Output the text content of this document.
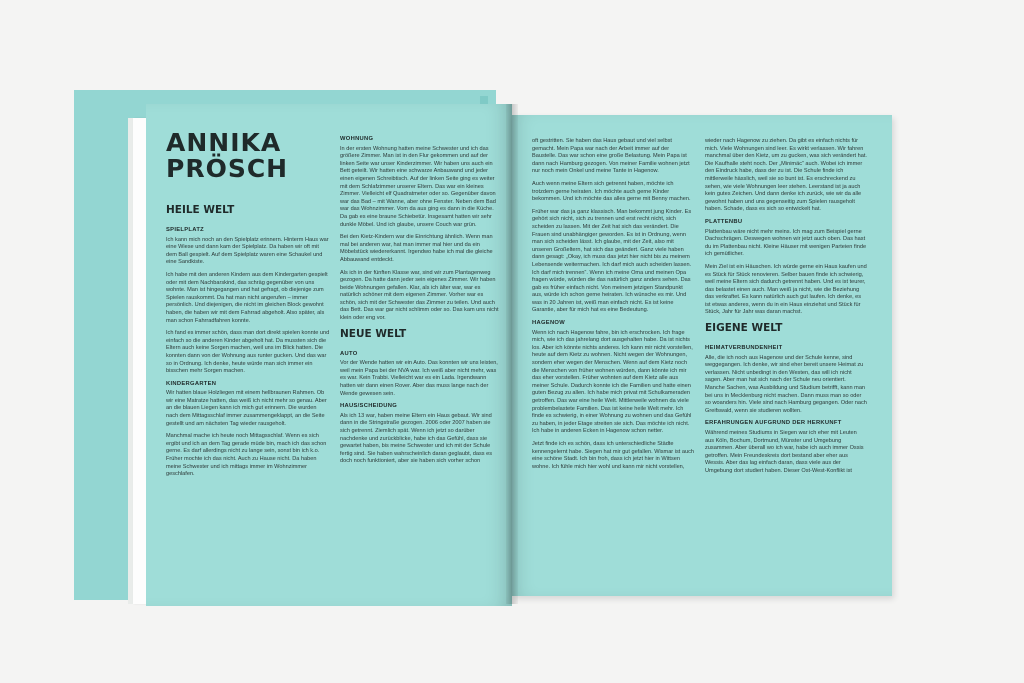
ANNIKA
PRÖSCH
HEILE WELT
SPIELPLATZ

Ich kann mich noch an den Spielplatz erinnern. Hinterm Haus war eine Wiese und dann kam der Spielplatz. Da haben wir oft mit dem Ball gespielt. Auf dem Spielplatz waren eine Schaukel und eine Sandkiste.

Ich habe mit den anderen Kindern aus dem Kindergarten gespielt oder mit dem Nachbarskind, das schräg gegenüber von uns wohnte. Man ist hingegangen und hat gefragt, ob diejenige zum Spielen rauskommt. Da hat man nicht angerufen – immer persönlich. Und diejenigen, die nicht im gleichen Block gewohnt haben, die haben wir mit dem Fahrrad abgeholt. Also später, als man schon Fahrradfahren konnte.

Ich fand es immer schön, dass man dort direkt spielen konnte und einfach so die anderen Kinder abgeholt hat. Da mussten sich die Eltern auch keine Sorgen machen, weil uns im Blick hatten. Die konnten dann von der Wohnung aus runter gucken. Und das war so in Ordnung. Ich denke, heute würde man sich immer ein bisschen mehr Sorgen machen.

KINDERGARTEN

Wir hatten blaue Holzliegen mit einem hellbraunen Rahmen. Ob wir eine Matratze hatten, das weiß ich nicht mehr so genau. Aber an die blauen Liegen kann ich mich gut erinnern. Die wurden nach dem Mittagsschlaf immer zusammengeklappt, an die Seite gestellt und am nächsten Tag wieder rausgeholt.

Manchmal mache ich heute noch Mittagsschlaf. Wenn es sich ergibt und ich an dem Tag gerade müde bin, mach ich das schon gerne. Es darf allerdings nicht zu lange sein, sonst bin ich k.o. Früher mochte ich das nicht. Auch zu Hause nicht. Da haben meine Schwester und ich mittags immer im Wohnzimmer geschlafen.

WOHNUNG

In der ersten Wohnung hatten meine Schwester und ich das größere Zimmer. Man ist in den Flur gekommen und auf der linken Seite war unser Kinderzimmer. Wir haben uns auch ein Bett geteilt. Wir hatten eine schwarze Anbauwand und jeder einen eigenen Schreibtisch. Auf der linken Seite ging es weiter mit dem Schlafzimmer unserer Eltern. Das war ein kleines Zimmer. Vielleicht elf Quadratmeter oder so. Gegenüber davon war das Bad – mit Wanne, aber ohne Fenster. Neben dem Bad war das Wohnzimmer. Vom da aus ging es dann in die Küche. Da gab es eine braune Schiebetür. Insgesamt hatten wir sehr dunkle Möbel. Und ich glaube, unsere Couch war grün.

Bei den Kietz-Kindern war die Einrichtung ähnlich. Wenn man mal bei anderen war, hat man immer mal hier und da ein Möbelstück wiedererkannt. Irgendwo habe ich mal die gleiche Abbauwand entdeckt.

Als ich in der fünften Klasse war, sind wir zum Plantagenweg gezogen. Da hatte dann jeder sein eigenes Zimmer. Wir haben beide Wohnungen gefallen. Klar, als ich älter war, war es natürlich schöner mit dem eigenen Zimmer. Vorher war es schön, sich mit der Schwester das Zimmer zu teilen. Und auch das Bett. Das war gar nicht schlimm oder so. Das kam uns nicht klein oder eng vor.

NEUE WELT
AUTO

Vor der Wende hatten wir ein Auto. Das konnten wir uns leisten, weil mein Papa bei der NVA war. Ich weiß aber nicht mehr, was es war. Kein Trabbi. Vielleicht war es ein Lada. Irgendwann hatten wir dann einen Rover. Aber das muss lange nach der Wende gewesen sein.

HAUS/SCHEIDUNG

Als ich 13 war, haben meine Eltern ein Haus gebaut. Wir sind dann in die Stringstraße gezogen. 2006 oder 2007 haben sie sich getrennt. Ziemlich spät. Wenn ich jetzt so darüber nachdenke und zurückblicke, habe ich das Gefühl, dass sie gewartet haben, bis meine Schwester und ich mit der Schule fertig sind. Sie haben wahrscheinlich daran geglaubt, dass es doch noch funktioniert, aber sie haben sich vorher schon

oft gestritten. Sie haben das Haus gebaut und viel selbst gemacht. Mein Papa war nach der Arbeit immer auf der Baustelle. Das war schon eine große Belastung. Mein Papa ist dann nach Hamburg gezogen. Von meiner Familie wohnen jetzt nur noch mein Onkel und meine Tante in Hagenow.

Auch wenn meine Eltern sich getrennt haben, möchte ich trotzdem gerne heiraten. Ich möchte auch gerne Kinder bekommen. Und ich möchte das alles gerne mit Benny machen.

Früher war das ja ganz klassisch. Man bekommt jung Kinder. Es gehört sich nicht, sich zu trennen und erst recht nicht, sich scheiden zu lassen. Mit der Zeit hat sich das verändert. Die Frauen sind unabhängiger geworden. Es ist in Ordnung, wenn man sich scheiden lässt. Ich glaube, mit der Zeit, also mit unseren Großeltern, hat sich das geändert. Ganz viele haben dann gesagt: „Okay, ich muss das jetzt hier nicht bis zu meinem Lebensende weitermachen. Ich darf mich auch scheiden lassen. Ich darf mich trennen“. Wenn ich meine Oma und meinen Opa fragen würde, würden die das natürlich ganz anders sehen. Das gab es früher einfach nicht. Von meinem jetzigen Standpunkt aus, würde ich schon gerne heiraten. Ich wünsche es mir. Und was in 20 Jahren ist, weiß man einfach nicht. Es ist keine Garantie, aber für mich hat es eine Bedeutung.

HAGENOW

Wenn ich nach Hagenow fahre, bin ich erschrocken. Ich frage mich, wie ich das jahrelang dort ausgehalten habe. Da ist nichts los. Aber ich könnte nichts anderes. Ich kann mir nicht vorstellen, heute auf dem Kietz zu wohnen. Nicht wegen der Wohnungen, sondern eher wegen der Menschen. Wenn auf dem Kietz noch die Menschen von früher wohnen würden, dann könnte ich mir das eher vorstellen. Früher wohnten auf dem Kietz alle aus meiner Schule. Dadurch konnte ich die Familien und hatte einen guten Bezug zu allen. Ich habe mich privat mit Schulkameraden getroffen. Das war eine heile Welt. Mittlerweile wohnen da viele problembelastete Familien. Das ist keine heile Welt mehr. Ich finde es schwierig, in einer Wohnung zu wohnen und das Gefühl zu haben, in jeder Etage streiten sie sich. Das möchte ich nicht. Ich habe in anderen Ecken in Hagenow schon netter.

Jetzt finde ich es schön, dass ich unterschiedliche Städte kennengelernt habe. Siegen hat mir gut gefallen. Wismar ist auch eine schöne Stadt. Ich bin froh, dass ich jetzt hier in Wittsen wohne. Ich fühle mich hier wohl und kann mir nicht vorstellen,

wieder nach Hagenow zu ziehen. Da gibt es einfach nichts für mich. Viele Wohnungen sind leer. Es wirkt verlassen. Wir fahren manchmal über den Kietz, um zu gucken, was sich verändert hat. Die Kaufhalle steht noch. Der „Minimäc“ auch. Wobei ich immer den Eindruck habe, dass der zu ist. Die Schule finde ich mittlerweile hässlich, weil sie so bunt ist. Es erschreckend zu sehen, wie viele Wohnungen leer stehen. Leerstand ist ja auch kein gutes Zeichen. Und dann denke ich zurück, wie wir da alle gewohnt haben und uns gegenseitig zum Spielen rausgeholt haben. Schade, dass es sich so entwickelt hat.

PLATTENBU

Plattenbau wäre nicht mehr meins. Ich mag zum Beispiel gerne Dachschrägen. Deswegen wohnen wir jetzt auch oben. Das hast du im Plattenbau nicht. Kleine Häuser mit wenigen Parteien finde ich gemütlicher.

Mein Ziel ist ein Häuschen. Ich würde gerne ein Haus kaufen und es Stück für Stück renovieren. Selber bauen finde ich schwierig, weil meine Eltern sich dadurch getrennt haben. Und es ist teurer, das belastet einen auch. Man weiß ja nicht, wie die Beziehung das verkraftet. Es kann natürlich auch gut laufen. Ich denke, es ist etwas anderes, wenn du in ein Haus einziehst und Stück für Stück, Jahr für Jahr was daran machst.

EIGENE WELT
HEIMATVERBUNDENHEIT

Alle, die ich noch aus Hagenow und der Schule kenne, sind weggegangen. Ich denke, wir sind eher bereit unsere Heimat zu verlassen. Nicht unbedingt in den Westen, das will ich nicht sagen. Aber man hat sich nach der Schule neu orientiert. Manche Sachen, was Ausbildung und Studium betrifft, kann man bei uns in Mecklenburg nicht machen. Dann muss man so oder so woanders hin. Viele sind nach Hamburg gegangen. Oder nach Greifswald, wenn sie studieren wollten.

ERFAHRUNGEN AUFGRUND DER HERKUNFT

Während meines Studiums in Siegen war ich eher mit Leuten aus Köln, Bochum, Dortmund, Münster und Umgebung zusammen. Aber überall wo ich war, habe ich auch immer Ossis getroffen. Mein Freundeskreis dort bestand aber eher aus Wessis. Aber das lag einfach daran, dass viele aus der Umgebung dort studiert haben. Dieser Ost-West-Konflikt ist
